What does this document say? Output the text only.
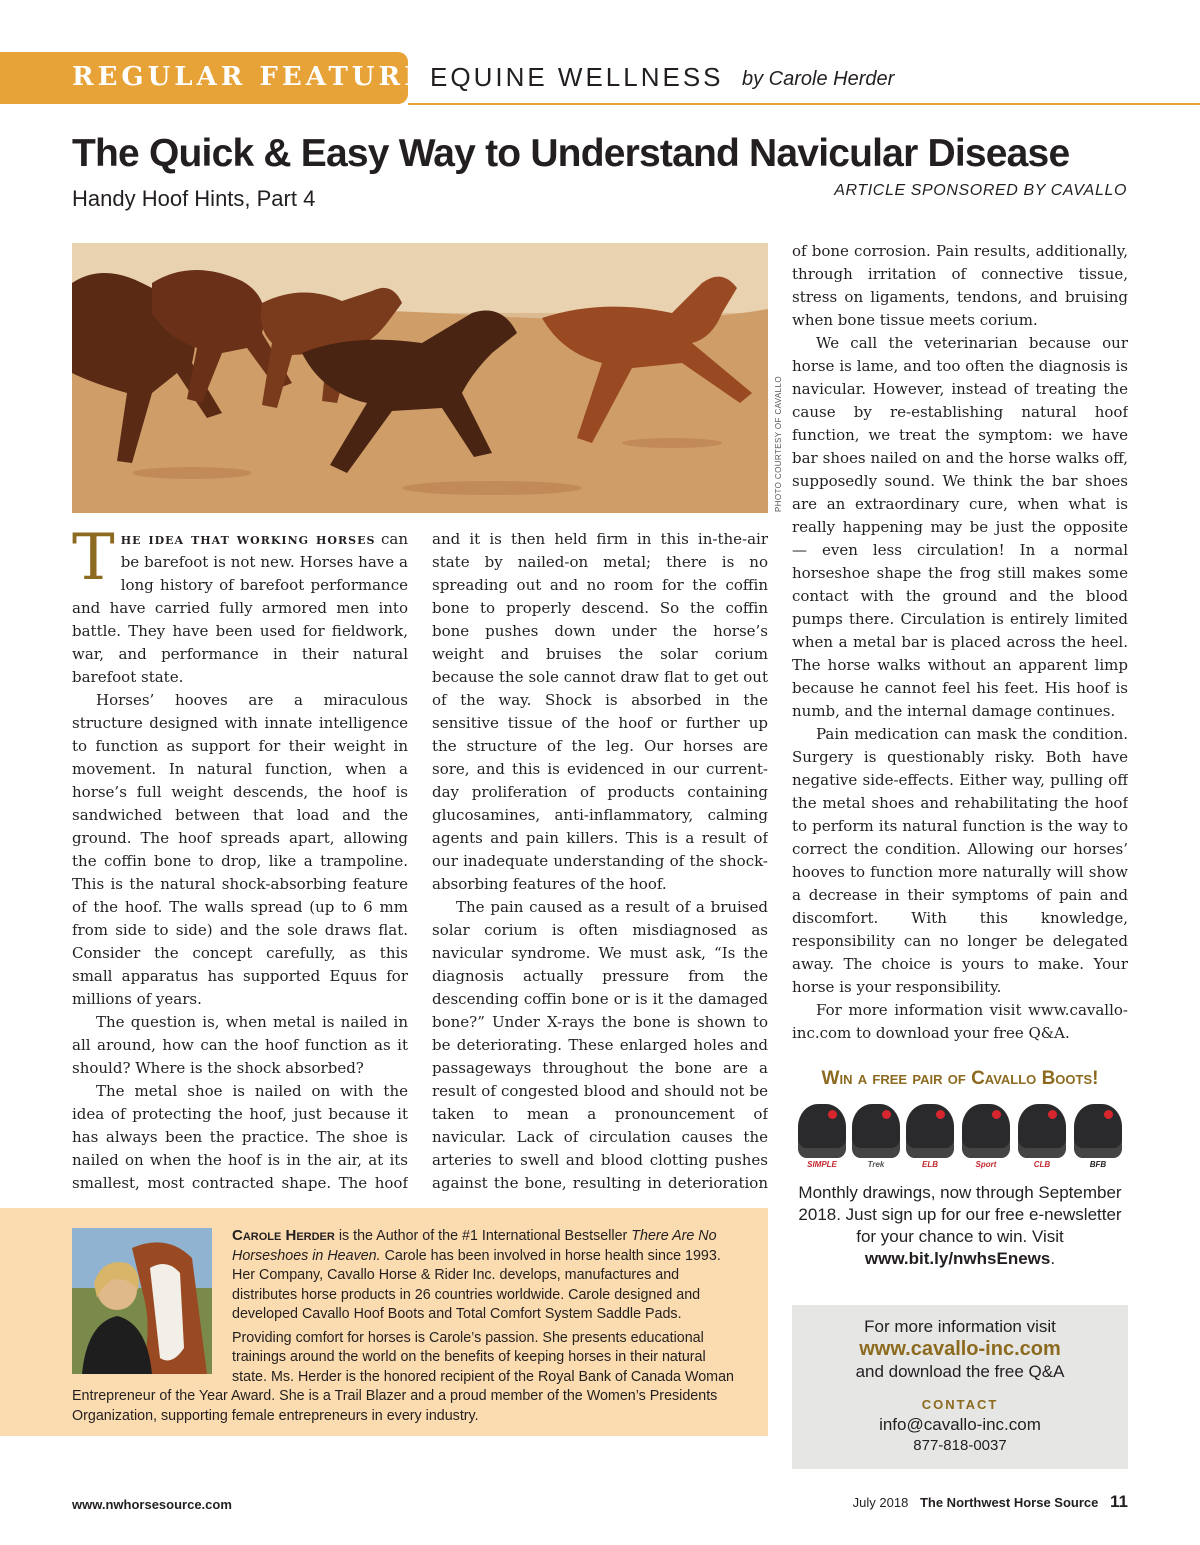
REGULAR FEATURE EQUINE WELLNESS by Carole Herder
The Quick & Easy Way to Understand Navicular Disease
Handy Hoof Hints, Part 4	ARTICLE SPONSORED BY CAVALLO
PHOTO COURTESY OF CAVALLO

The idea that working horses can be barefoot is not new. Horses have a long history of barefoot performance and have carried fully armored men into battle. They have been used for fieldwork, war, and performance in their natural barefoot state.

Horses’ hooves are a miraculous structure designed with innate intelligence to function as support for their weight in movement. In natural function, when a horse’s full weight descends, the hoof is sandwiched between that load and the ground. The hoof spreads apart, allowing the coffin bone to drop, like a trampoline. This is the natural shock-absorbing feature of the hoof. The walls spread (up to 6 mm from side to side) and the sole draws flat. Consider the concept carefully, as this small apparatus has supported Equus for millions of years.

The question is, when metal is nailed in all around, how can the hoof function as it should? Where is the shock absorbed?

The metal shoe is nailed on with the idea of protecting the hoof, just because it has always been the practice. The shoe is nailed on when the hoof is in the air, at its smallest, most contracted shape. The hoof

and it is then held firm in this in-the-air state by nailed-on metal; there is no spreading out and no room for the coffin bone to properly descend. So the coffin bone pushes down under the horse’s weight and bruises the solar corium because the sole cannot draw flat to get out of the way. Shock is absorbed in the sensitive tissue of the hoof or further up the structure of the leg. Our horses are sore, and this is evidenced in our current-day proliferation of products containing glucosamines, anti-inflammatory, calming agents and pain killers. This is a result of our inadequate understanding of the shock-absorbing features of the hoof.

The pain caused as a result of a bruised solar corium is often misdiagnosed as navicular syndrome. We must ask, “Is the diagnosis actually pressure from the descending coffin bone or is it the damaged bone?” Under X-rays the bone is shown to be deteriorating. These enlarged holes and passageways throughout the bone are a result of congested blood and should not be taken to mean a pronouncement of navicular. Lack of circulation causes the arteries to swell and blood clotting pushes against the bone, resulting in deterioration

of bone corrosion. Pain results, additionally, through irritation of connective tissue, stress on ligaments, tendons, and bruising when bone tissue meets corium.

We call the veterinarian because our horse is lame, and too often the diagnosis is navicular. However, instead of treating the cause by re-establishing natural hoof function, we treat the symptom: we have bar shoes nailed on and the horse walks off, supposedly sound. We think the bar shoes are an extraordinary cure, when what is really happening may be just the opposite — even less circulation! In a normal horseshoe shape the frog still makes some contact with the ground and the blood pumps there. Circulation is entirely limited when a metal bar is placed across the heel. The horse walks without an apparent limp because he cannot feel his feet. His hoof is numb, and the internal damage continues.

Pain medication can mask the condition. Surgery is questionably risky. Both have negative side-effects. Either way, pulling off the metal shoes and rehabilitating the hoof to perform its natural function is the way to correct the condition. Allowing our horses’ hooves to function more naturally will show a decrease in their symptoms of pain and discomfort. With this knowledge, responsibility can no longer be delegated away. The choice is yours to make. Your horse is your responsibility.

For more information visit www.cavallo-inc.com to download your free Q&A.

Win a free pair of Cavallo Boots!
SIMPLE	Trek	ELB	Sport	CLB	BFB
Monthly drawings, now through September 2018. Just sign up for our free e-newsletter for your chance to win. Visit www.bit.ly/nwhsEnews.
For more information visit
www.cavallo-inc.com
and download the free Q&A
CONTACT
info@cavallo-inc.com
877-818-0037

Carole Herder is the Author of the #1 International Bestseller There Are No Horseshoes in Heaven. Carole has been involved in horse health since 1993. Her Company, Cavallo Horse & Rider Inc. develops, manufactures and distributes horse products in 26 countries worldwide. Carole designed and developed Cavallo Hoof Boots and Total Comfort System Saddle Pads.

Providing comfort for horses is Carole’s passion. She presents educational trainings around the world on the benefits of keeping horses in their natural state. Ms. Herder is the honored recipient of the Royal Bank of Canada Woman Entrepreneur of the Year Award. She is a Trail Blazer and a proud member of the Women’s Presidents Organization, supporting female entrepreneurs in every industry.

www.nwhorsesource.com	July 2018 The Northwest Horse Source 11
